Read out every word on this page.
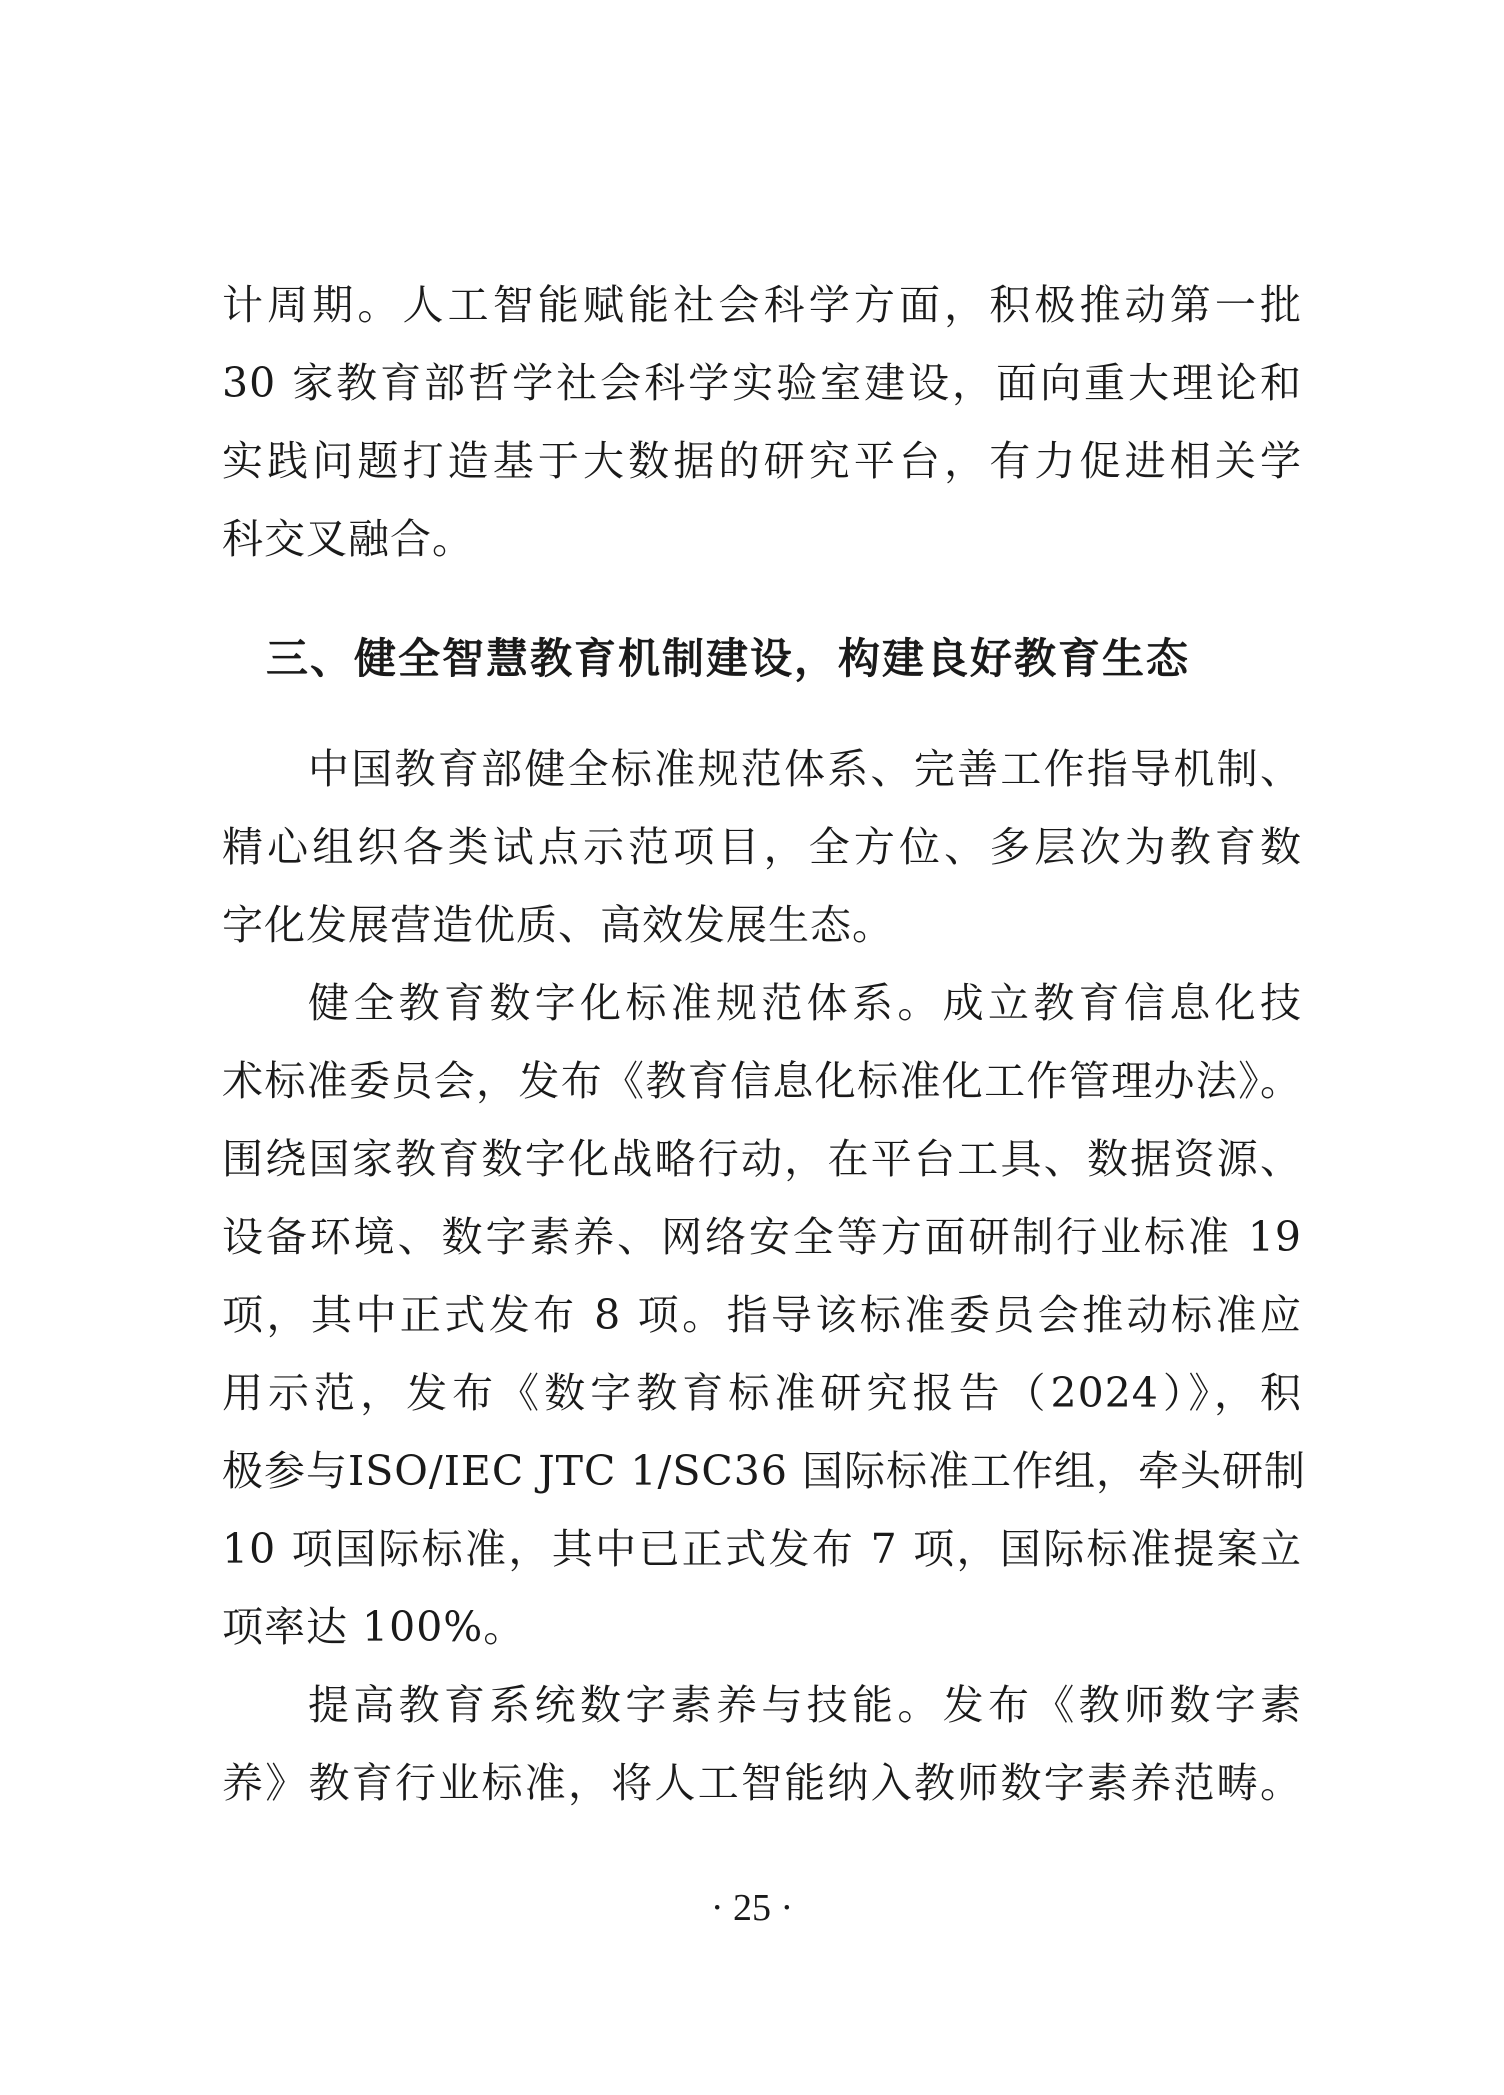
计周期。人工智能赋能社会科学方面，积极推动第一批
30 家教育部哲学社会科学实验室建设，面向重大理论和
实践问题打造基于大数据的研究平台，有力促进相关学
科交叉融合。
三、健全智慧教育机制建设，构建良好教育生态
中国教育部健全标准规范体系、完善工作指导机制、
精心组织各类试点示范项目，全方位、多层次为教育数
字化发展营造优质、高效发展生态。
健全教育数字化标准规范体系。成立教育信息化技
术标准委员会，发布《教育信息化标准化工作管理办法》。
围绕国家教育数字化战略行动，在平台工具、数据资源、
设备环境、数字素养、网络安全等方面研制行业标准 19
项，其中正式发布 8 项。指导该标准委员会推动标准应
用示范，发布《数字教育标准研究报告（2024）》，积
极参与ISO/IEC JTC 1/SC36 国际标准工作组，牵头研制
10 项国际标准，其中已正式发布 7 项，国际标准提案立
项率达 100%。
提高教育系统数字素养与技能。发布《教师数字素
养》教育行业标准，将人工智能纳入教师数字素养范畴。
· 25 ·
